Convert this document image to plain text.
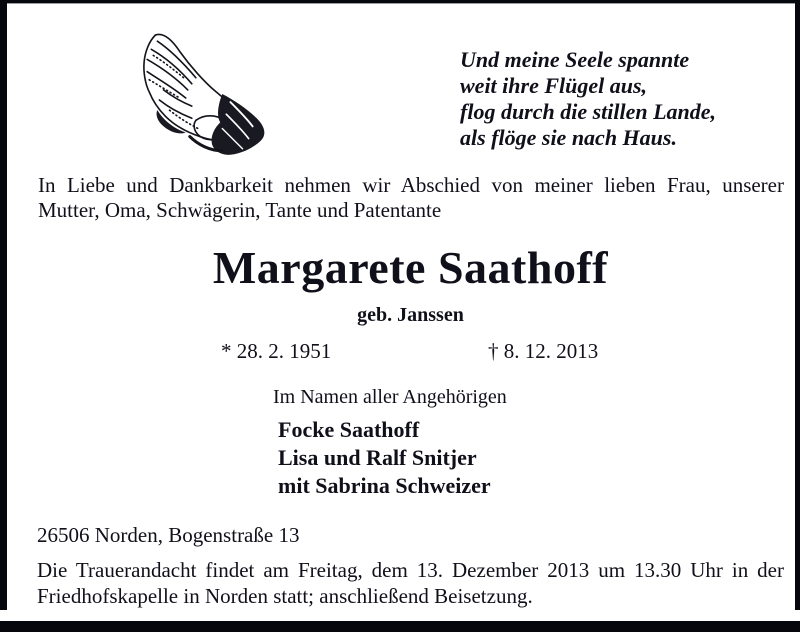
Und meine Seele spannte
weit ihre Flügel aus,
flog durch die stillen Lande,
als flöge sie nach Haus.
In Liebe und Dankbarkeit nehmen wir Abschied von meiner lieben Frau, unserer
Mutter, Oma, Schwägerin, Tante und Patentante
Margarete Saathoff
geb. Janssen
* 28. 2. 1951	† 8. 12. 2013
Im Namen aller Angehörigen
Focke Saathoff
Lisa und Ralf Snitjer
mit Sabrina Schweizer
26506 Norden, Bogenstraße 13
Die Trauerandacht findet am Freitag, dem 13. Dezember 2013 um 13.30 Uhr in der
Friedhofskapelle in Norden statt; anschließend Beisetzung.
